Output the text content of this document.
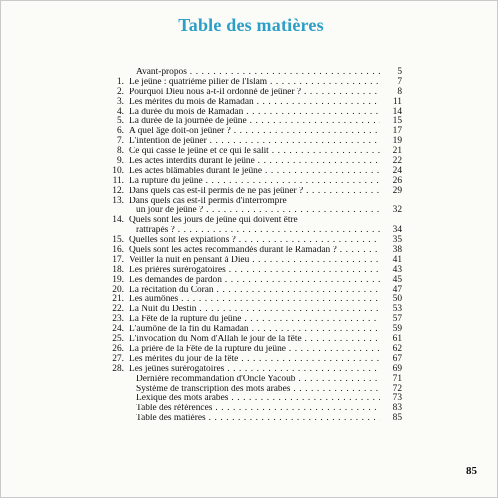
Table des matières
Avant-propos . . .	5
1. Le jeûne : quatrième pilier de l'Islam . . .	7
2. Pourquoi Dieu nous a-t-il ordonné de jeûner ? . . .	8
3. Les mérites du mois de Ramadan . . .	11
4. La durée du mois de Ramadan . . .	14
5. La durée de la journée de jeûne . . .	15
6. A quel âge doit-on jeûner ? . . .	17
7. L'intention de jeûner . . .	19
8. Ce qui casse le jeûne et ce qui le salit . . .	21
9. Les actes interdits durant le jeûne . . .	22
10. Les actes blâmables durant le jeûne . . .	24
11. La rupture du jeûne . . .	26
12. Dans quels cas est-il permis de ne pas jeûner ? . . .	29
13. Dans quels cas est-il permis d'interrompre
un jour de jeûne ? . . .	32
14. Quels sont les jours de jeûne qui doivent être
rattrapés ? . . .	34
15. Quelles sont les expiations ? . . .	35
16. Quels sont les actes recommandés durant le Ramadan ? . . .	38
17. Veiller la nuit en pensant à Dieu . . .	41
18. Les prières surérogatoires . . .	43
19. Les demandes de pardon . . .	45
20. La récitation du Coran . . .	47
21. Les aumônes . . .	50
22. La Nuit du Destin . . .	53
23. La Fête de la rupture du jeûne . . .	57
24. L'aumône de la fin du Ramadan . . .	59
25. L'invocation du Nom d'Allah le jour de la fête . . .	61
26. La prière de la Fête de la rupture du jeûne . . .	62
27. Les mérites du jour de la fête . . .	67
28. Les jeûnes surérogatoires . . .	69
Dernière recommandation d'Oncle Yacoub . . .	71
Système de transcription des mots arabes . . .	72
Lexique des mots arabes . . .	73
Table des références . . .	83
Table des matières . . .	85
85
